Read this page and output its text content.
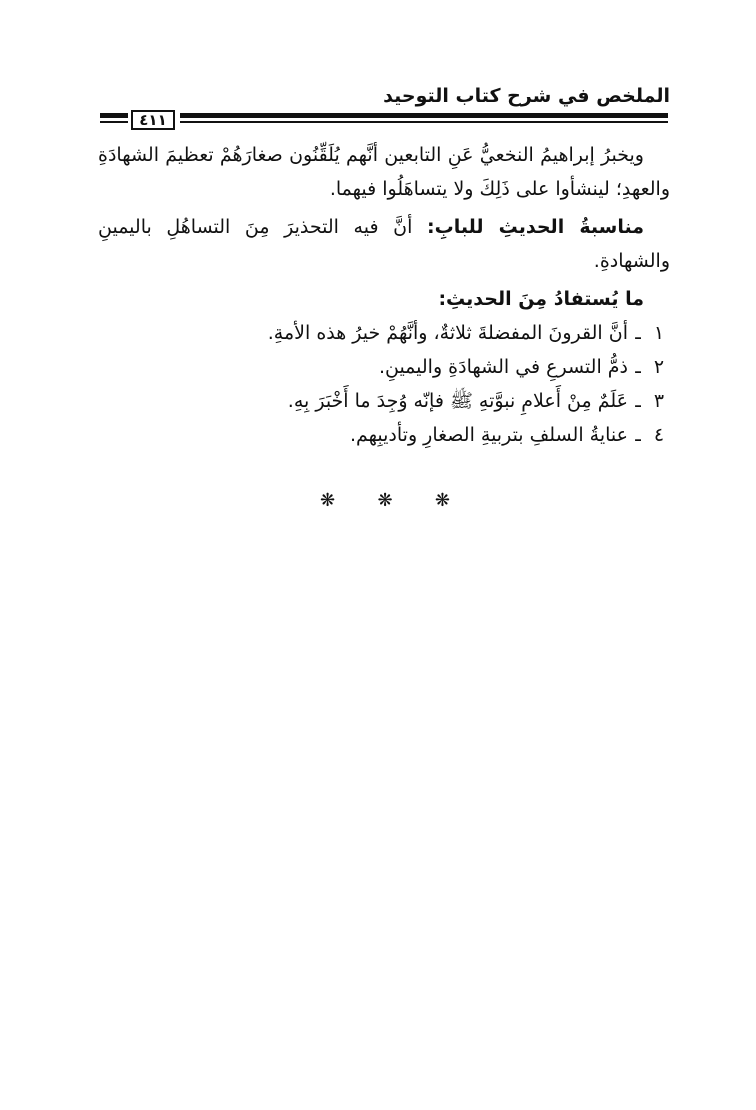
الملخص في شرح كتاب التوحيد
٤١١

ويخبرُ إبراهيمُ النخعيُّ عَنِ التابعين أنَّهم يُلَقِّنُون صغارَهُمْ تعظيمَ الشهادَةِ والعهدِ؛ لينشأوا على ذَلِكَ ولا يتساهَلُوا فيهما.

مناسبةُ الحديثِ للبابِ: أنَّ فيه التحذيرَ مِنَ التساهُلِ باليمينِ والشهادةِ.

ما يُستفادُ مِنَ الحديثِ:
١
ـ
أنَّ القرونَ المفضلةَ ثلاثةٌ، وأنَّهُمْ خيرُ هذه الأمةِ.
٢
ـ
ذمُّ التسرعِ في الشهادَةِ واليمينِ.
٣
ـ
عَلَمٌ مِنْ أَعلامِ نبوَّتهِ ﷺ فإنّه وُجِدَ ما أَخْبَرَ بِهِ.
٤
ـ
عنايةُ السلفِ بتربيةِ الصغارِ وتأديبِهم.
❋
❋
❋
